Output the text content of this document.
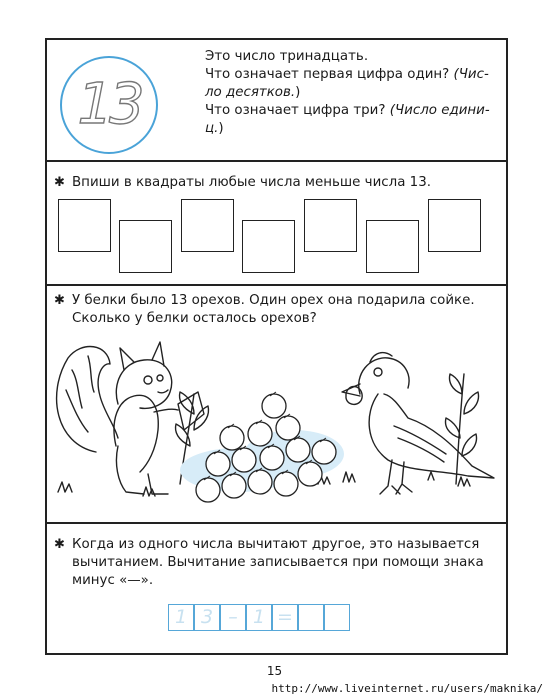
13
Это число тринадцать.
Что означает первая цифра один? (Чис-
ло десятков.)
Что означает цифра три? (Число едини-
ц.)
✱ Впиши в квадраты любые числа меньше числа 13.
✱ У белки было 13 орехов. Один орех она подарила сойке.
Сколько у белки осталось орехов?
✱ Когда из одного числа вычитают другое, это называется
вычитанием. Вычитание записывается при помощи знака
минус «—».
1 3 – 1 =
15
http://www.liveinternet.ru/users/maknika/
